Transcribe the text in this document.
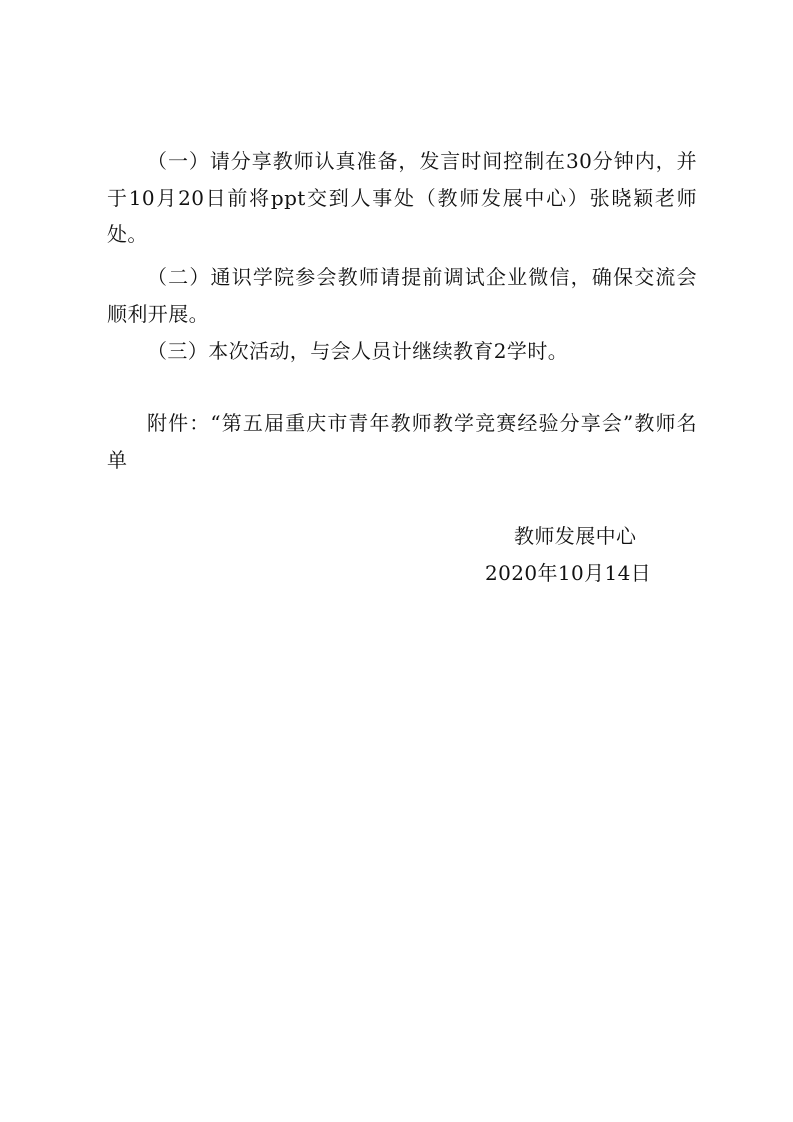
（一）请分享教师认真准备，发言时间控制在30分钟内，并于10月20日前将ppt交到人事处（教师发展中心）张晓颖老师处。

（二）通识学院参会教师请提前调试企业微信，确保交流会顺利开展。

（三）本次活动，与会人员计继续教育2学时。

附件：“第五届重庆市青年教师教学竞赛经验分享会”教师名单

教师发展中心

2020年10月14日
